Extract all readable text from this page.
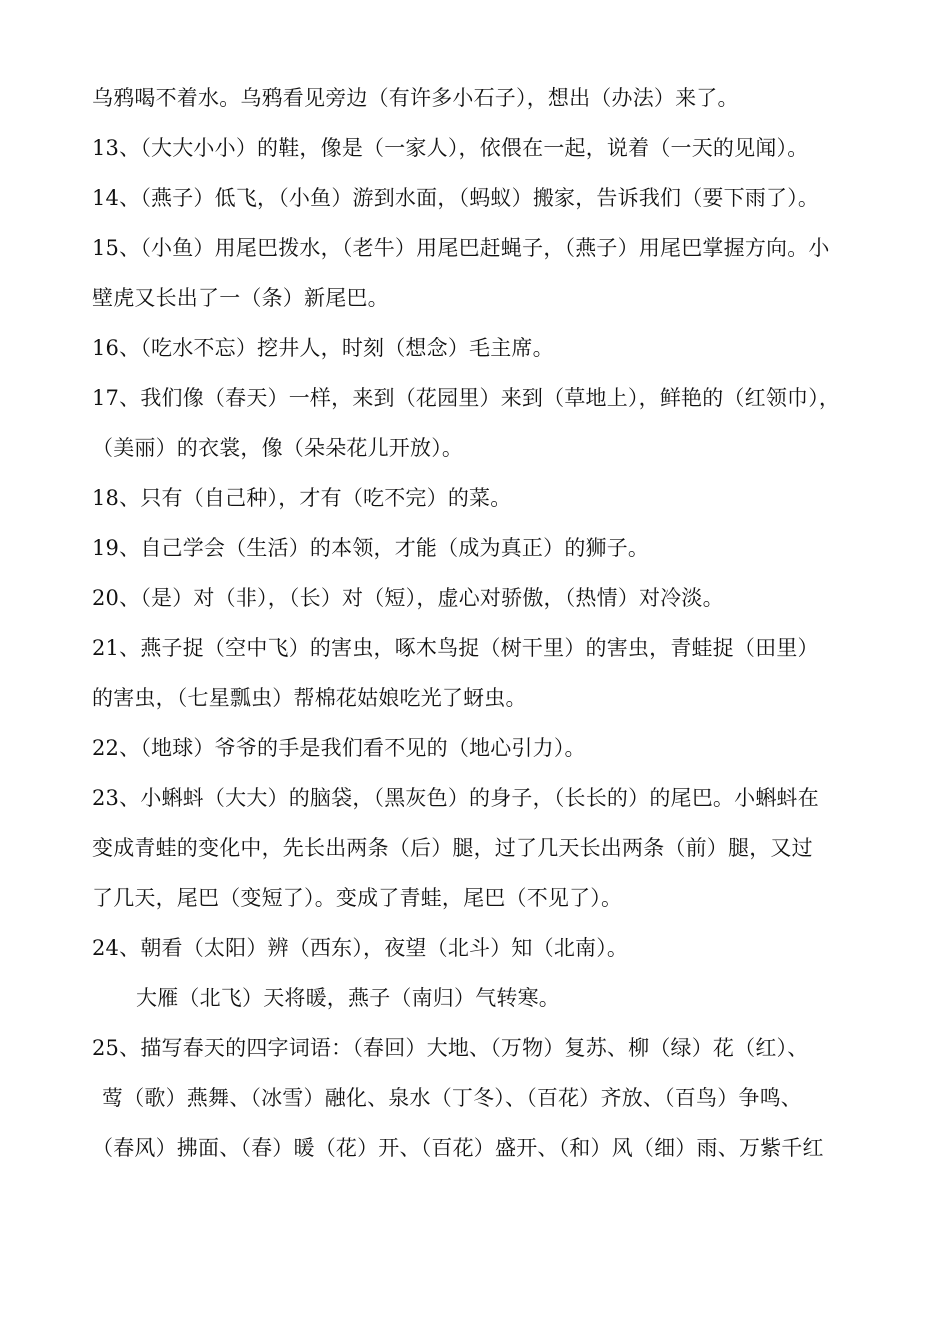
乌鸦喝不着水。乌鸦看见旁边（有许多小石子），想出（办法）来了。
13、（大大小小）的鞋，像是（一家人），依偎在一起，说着（一天的见闻）。
14、（燕子）低飞，（小鱼）游到水面，（蚂蚁）搬家，告诉我们（要下雨了）。
15、（小鱼）用尾巴拨水，（老牛）用尾巴赶蝇子，（燕子）用尾巴掌握方向。小
壁虎又长出了一（条）新尾巴。
16、（吃水不忘）挖井人，时刻（想念）毛主席。
17、我们像（春天）一样，来到（花园里）来到（草地上），鲜艳的（红领巾），
（美丽）的衣裳，像（朵朵花儿开放）。
18、只有（自己种），才有（吃不完）的菜。
19、自己学会（生活）的本领，才能（成为真正）的狮子。
20、（是）对（非），（长）对（短），虚心对骄傲，（热情）对冷淡。
21、燕子捉（空中飞）的害虫，啄木鸟捉（树干里）的害虫，青蛙捉（田里）
的害虫，（七星瓢虫）帮棉花姑娘吃光了蚜虫。
22、（地球）爷爷的手是我们看不见的（地心引力）。
23、小蝌蚪（大大）的脑袋，（黑灰色）的身子，（长长的）的尾巴。小蝌蚪在
变成青蛙的变化中，先长出两条（后）腿，过了几天长出两条（前）腿，又过
了几天，尾巴（变短了）。变成了青蛙，尾巴（不见了）。
24、朝看（太阳）辨（西东），夜望（北斗）知（北南）。
大雁（北飞）天将暖，燕子（南归）气转寒。
25、描写春天的四字词语：（春回）大地、（万物）复苏、柳（绿）花（红）、
莺（歌）燕舞、（冰雪）融化、泉水（丁冬）、（百花）齐放、（百鸟）争鸣、
（春风）拂面、（春）暖（花）开、（百花）盛开、（和）风（细）雨、万紫千红
